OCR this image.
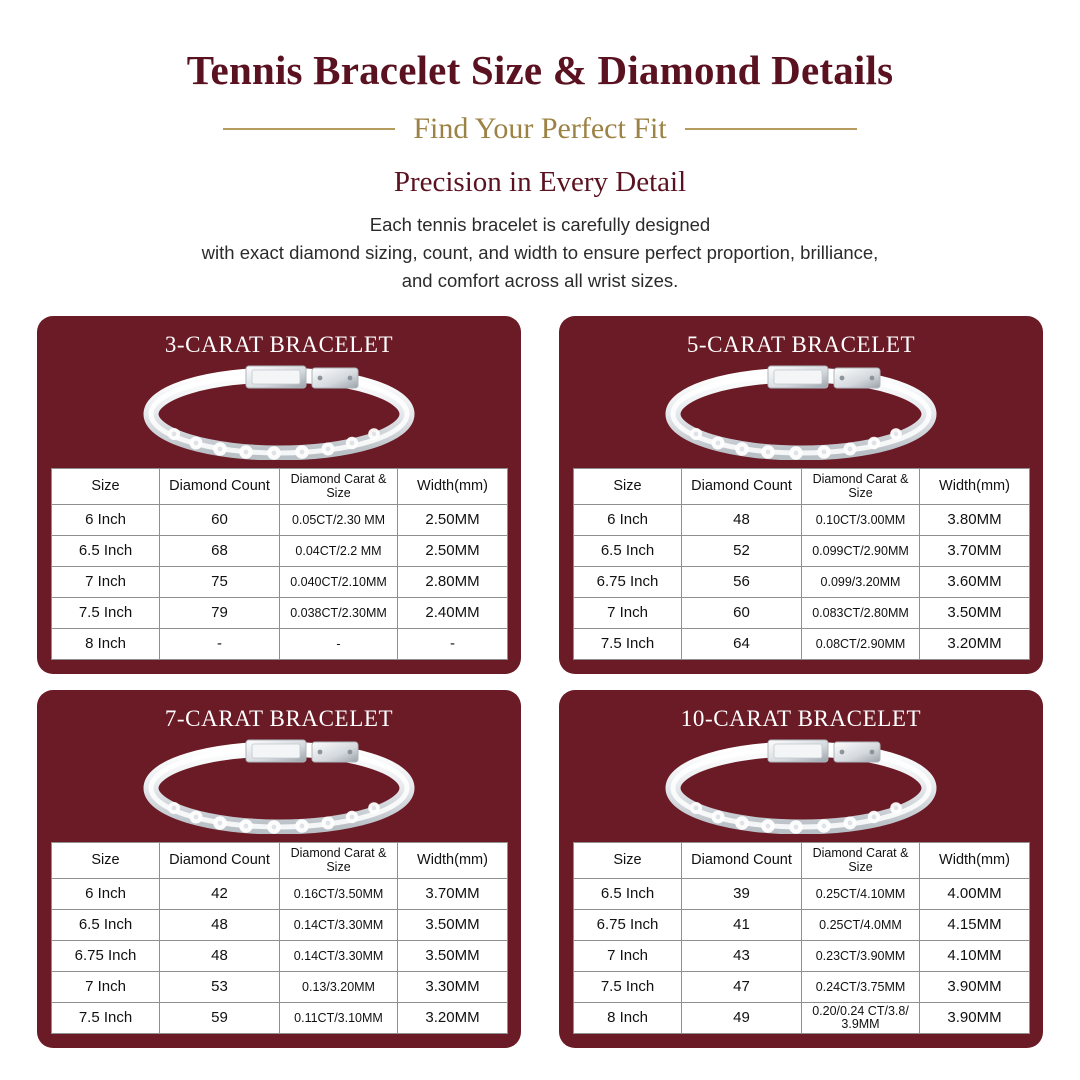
Tennis Bracelet Size & Diamond Details
Find Your Perfect Fit
Precision in Every Detail
Each tennis bracelet is carefully designed
with exact diamond sizing, count, and width to ensure perfect proportion, brilliance,
and comfort across all wrist sizes.
3-CARAT BRACELET
Size	Diamond Count	Diamond Carat & Size	Width(mm)
6 Inch	60	0.05CT/2.30 MM	2.50MM
6.5 Inch	68	0.04CT/2.2 MM	2.50MM
7 Inch	75	0.040CT/2.10MM	2.80MM
7.5 Inch	79	0.038CT/2.30MM	2.40MM
8 Inch	-	-	-
5-CARAT BRACELET
Size	Diamond Count	Diamond Carat & Size	Width(mm)
6 Inch	48	0.10CT/3.00MM	3.80MM
6.5 Inch	52	0.099CT/2.90MM	3.70MM
6.75 Inch	56	0.099/3.20MM	3.60MM
7 Inch	60	0.083CT/2.80MM	3.50MM
7.5 Inch	64	0.08CT/2.90MM	3.20MM
7-CARAT BRACELET
Size	Diamond Count	Diamond Carat & Size	Width(mm)
6 Inch	42	0.16CT/3.50MM	3.70MM
6.5 Inch	48	0.14CT/3.30MM	3.50MM
6.75 Inch	48	0.14CT/3.30MM	3.50MM
7 Inch	53	0.13/3.20MM	3.30MM
7.5 Inch	59	0.11CT/3.10MM	3.20MM
10-CARAT BRACELET
Size	Diamond Count	Diamond Carat & Size	Width(mm)
6.5 Inch	39	0.25CT/4.10MM	4.00MM
6.75 Inch	41	0.25CT/4.0MM	4.15MM
7 Inch	43	0.23CT/3.90MM	4.10MM
7.5 Inch	47	0.24CT/3.75MM	3.90MM
8 Inch	49	0.20/0.24 CT/3.8/ 3.9MM	3.90MM
